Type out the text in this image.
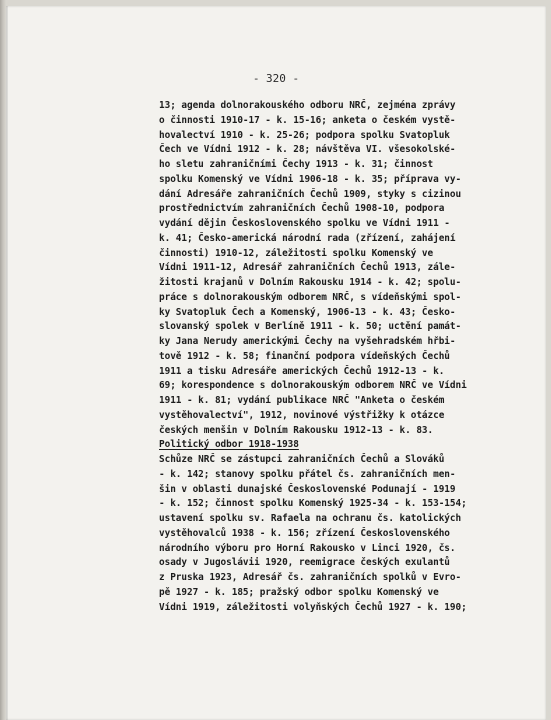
- 320 -
13; agenda dolnorakouského odboru NRČ, zejména zprávy
o činnosti 1910-17 - k. 15-16; anketa o českém vystě-
hovalectví 1910 - k. 25-26; podpora spolku Svatopluk
Čech ve Vídni 1912 - k. 28; návštěva VI. všesokolské-
ho sletu zahraničními Čechy 1913 - k. 31; činnost
spolku Komenský ve Vídni 1906-18 - k. 35; příprava vy-
dání Adresáře zahraničních Čechů 1909, styky s cizinou
prostřednictvím zahraničních Čechů 1908-10, podpora
vydání dějin Československého spolku ve Vídni 1911 -
k. 41; Česko-americká národní rada (zřízení, zahájení
činnosti) 1910-12, záležitosti spolku Komenský ve
Vídni 1911-12, Adresář zahraničních Čechů 1913, zále-
žitosti krajanů v Dolním Rakousku 1914 - k. 42; spolu-
práce s dolnorakouským odborem NRČ, s vídeňskými spol-
ky Svatopluk Čech a Komenský, 1906-13 - k. 43; Česko-
slovanský spolek v Berlíně 1911 - k. 50; uctění památ-
ky Jana Nerudy americkými Čechy na vyšehradském hřbi-
tově 1912 - k. 58; finanční podpora vídeňských Čechů
1911 a tisku Adresáře amerických Čechů 1912-13 - k.
69; korespondence s dolnorakouským odborem NRČ ve Vídni
1911 - k. 81; vydání publikace NRČ "Anketa o českém
vystěhovalectví", 1912, novinové výstřižky k otázce
českých menšin v Dolním Rakousku 1912-13 - k. 83.
Politický odbor 1918-1938
Schůze NRČ se zástupci zahraničních Čechů a Slováků
- k. 142; stanovy spolku přátel čs. zahraničních men-
šin v oblasti dunajské Československé Podunají - 1919
- k. 152; činnost spolku Komenský 1925-34 - k. 153-154;
ustavení spolku sv. Rafaela na ochranu čs. katolických
vystěhovalců 1938 - k. 156; zřízení Československého
národního výboru pro Horní Rakousko v Linci 1920, čs.
osady v Jugoslávii 1920, reemigrace českých exulantů
z Pruska 1923, Adresář čs. zahraničních spolků v Evro-
pě 1927 - k. 185; pražský odbor spolku Komenský ve
Vídni 1919, záležitosti volyňských Čechů 1927 - k. 190;
